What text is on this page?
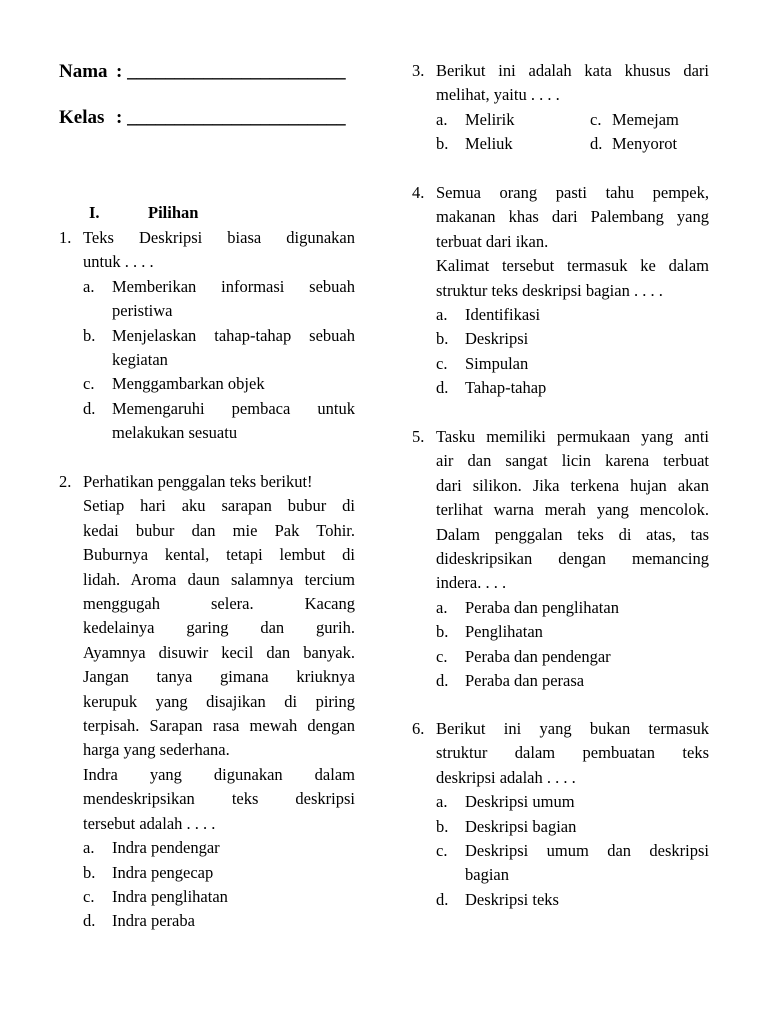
Nama : _______________________
Kelas : _______________________
I.	Pilihan
1. Teks Deskripsi biasa digunakan
untuk . . . .
a.	Memberikan informasi sebuah
peristiwa
b.	Menjelaskan tahap-tahap sebuah
kegiatan
c.	Menggambarkan objek
d.	Memengaruhi pembaca untuk
melakukan sesuatu
2. Perhatikan penggalan teks berikut!
Setiap hari aku sarapan bubur di
kedai bubur dan mie Pak Tohir.
Buburnya kental, tetapi lembut di
lidah. Aroma daun salamnya tercium
menggugah selera. Kacang
kedelainya garing dan gurih.
Ayamnya disuwir kecil dan banyak.
Jangan tanya gimana kriuknya
kerupuk yang disajikan di piring
terpisah. Sarapan rasa mewah dengan
harga yang sederhana.
Indra yang digunakan dalam
mendeskripsikan teks deskripsi
tersebut adalah . . . .
a.	Indra pendengar
b.	Indra pengecap
c.	Indra penglihatan
d.	Indra peraba
3. Berikut ini adalah kata khusus dari
melihat, yaitu . . . .
a.	Melirik	c. Memejam
b.	Meliuk	d. Menyorot
4. Semua orang pasti tahu pempek,
makanan khas dari Palembang yang
terbuat dari ikan.
Kalimat tersebut termasuk ke dalam
struktur teks deskripsi bagian . . . .
a.	Identifikasi
b.	Deskripsi
c.	Simpulan
d.	Tahap-tahap
5. Tasku memiliki permukaan yang anti
air dan sangat licin karena terbuat
dari silikon. Jika terkena hujan akan
terlihat warna merah yang mencolok.
Dalam penggalan teks di atas, tas
dideskripsikan dengan memancing
indera. . . .
a.	Peraba dan penglihatan
b.	Penglihatan
c.	Peraba dan pendengar
d.	Peraba dan perasa
6. Berikut ini yang bukan termasuk
struktur dalam pembuatan teks
deskripsi adalah . . . .
a.	Deskripsi umum
b.	Deskripsi bagian
c.	Deskripsi umum dan deskripsi
bagian
d.	Deskripsi teks
